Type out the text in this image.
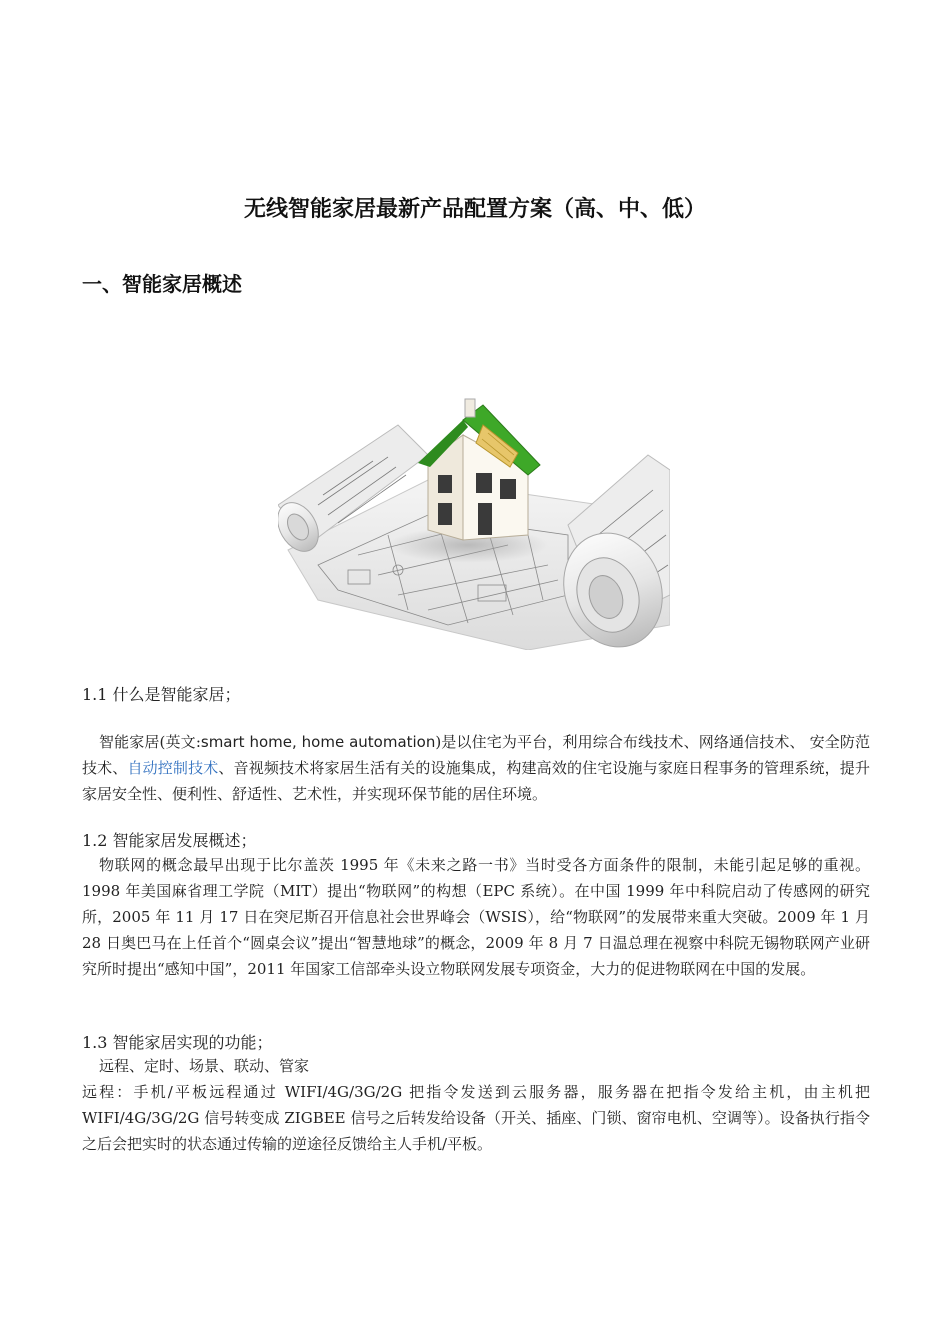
无线智能家居最新产品配置方案（高、中、低）
一、智能家居概述
1.1 什么是智能家居；
智能家居(英文:smart home, home automation)是以住宅为平台，利用综合布线技术、网络通信技术、 安全防范技术、自动控制技术、音视频技术将家居生活有关的设施集成，构建高效的住宅设施与家庭日程事务的管理系统，提升家居安全性、便利性、舒适性、艺术性，并实现环保节能的居住环境。
1.2 智能家居发展概述；
物联网的概念最早出现于比尔盖茨 1995 年《未来之路一书》当时受各方面条件的限制，未能引起足够的重视。1998 年美国麻省理工学院（MIT）提出“物联网”的构想（EPC 系统）。在中国 1999 年中科院启动了传感网的研究所，2005 年 11 月 17 日在突尼斯召开信息社会世界峰会（WSIS），给“物联网”的发展带来重大突破。2009 年 1 月 28 日奥巴马在上任首个“圆桌会议”提出“智慧地球”的概念，2009 年 8 月 7 日温总理在视察中科院无锡物联网产业研究所时提出“感知中国”，2011 年国家工信部牵头设立物联网发展专项资金，大力的促进物联网在中国的发展。
1.3 智能家居实现的功能；
远程、定时、场景、联动、管家
远程：手机/平板远程通过 WIFI/4G/3G/2G 把指令发送到云服务器，服务器在把指令发给主机，由主机把 WIFI/4G/3G/2G 信号转变成 ZIGBEE 信号之后转发给设备（开关、插座、门锁、窗帘电机、空调等）。设备执行指令之后会把实时的状态通过传输的逆途径反馈给主人手机/平板。
